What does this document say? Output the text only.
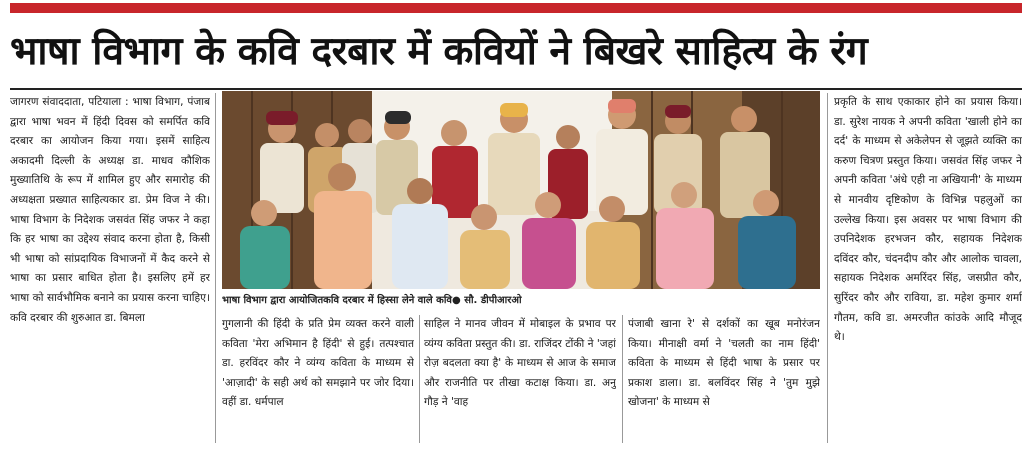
भाषा विभाग के कवि दरबार में कवियों ने बिखरे साहित्य के रंग
जागरण संवाददाता, पटियाला : भाषा विभाग, पंजाब द्वारा भाषा भवन में हिंदी दिवस को समर्पित कवि दरबार का आयोजन किया गया। इसमें साहित्य अकादमी दिल्ली के अध्यक्ष डा. माधव कौशिक मुख्यातिथि के रूप में शामिल हुए और समारोह की अध्यक्षता प्रख्यात साहित्यकार डा. प्रेम विज ने की। भाषा विभाग के निदेशक जसवंत सिंह जफर ने कहा कि हर भाषा का उद्देश्य संवाद करना होता है, किसी भी भाषा को सांप्रदायिक विभाजनों में कैद करने से भाषा का प्रसार बाधित होता है। इसलिए हमें हर भाषा को सार्वभौमिक बनाने का प्रयास करना चाहिए। कवि दरबार की शुरुआत डा. बिमला
भाषा विभाग द्वारा आयोजितकवि दरबार में हिस्सा लेने वाले कवि● सौ. डीपीआरओ
गुगलानी की हिंदी के प्रति प्रेम व्यक्त करने वाली कविता 'मेरा अभिमान है हिंदी' से हुई। तत्पश्चात डा. हरविंदर कौर ने व्यंग्य कविता के माध्यम से 'आज़ादी' के सही अर्थ को समझाने पर जोर दिया। वहीं डा. धर्मपाल
साहिल ने मानव जीवन में मोबाइल के प्रभाव पर व्यंग्य कविता प्रस्तुत की। डा. राजिंदर टोंकी ने 'जहां रोज़ बदलता क्या है' के माध्यम से आज के समाज और राजनीति पर तीखा कटाक्ष किया। डा. अनु गौड़ ने 'वाह
पंजाबी खाना रे' से दर्शकों का खूब मनोरंजन किया। मीनाक्षी वर्मा ने 'चलती का नाम हिंदी' कविता के माध्यम से हिंदी भाषा के प्रसार पर प्रकाश डाला। डा. बलविंदर सिंह ने 'तुम मुझे खोजना' के माध्यम से
प्रकृति के साथ एकाकार होने का प्रयास किया। डा. सुरेश नायक ने अपनी कविता 'खाली होने का दर्द' के माध्यम से अकेलेपन से जूझते व्यक्ति का करुण चित्रण प्रस्तुत किया। जसवंत सिंह जफर ने अपनी कविता 'अंधे एही ना अखियानी' के माध्यम से मानवीय दृष्टिकोण के विभिन्न पहलुओं का उल्लेख किया। इस अवसर पर भाषा विभाग की उपनिदेशक हरभजन कौर, सहायक निदेशक दविंदर कौर, चंदनदीप कौर और आलोक चावला, सहायक निदेशक अमरिंदर सिंह, जसप्रीत कौर, सुरिंदर कौर और राविया, डा. महेश कुमार शर्मा गौतम, कवि डा. अमरजीत कांउके आदि मौजूद थे।
